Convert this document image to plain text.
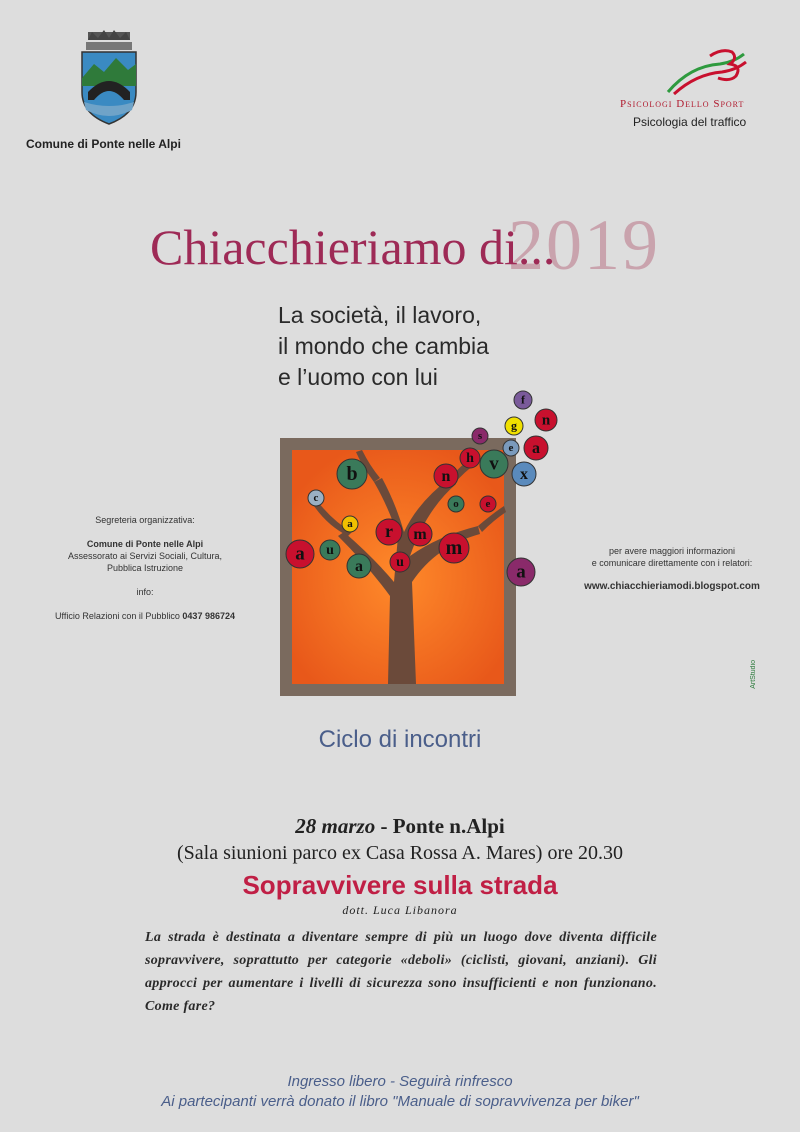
Comune di Ponte nelle Alpi
Psicologi Dello Sport
Psicologia del traffico
2019
Chiacchieriamo di...
La società, il lavoro,
il mondo che cambia
e l’uomo con lui
f
n
g
a
s
e
h v x
n
b
o e
c
a r m
a u	m
a u	a
Segreteria organizzativa:
Comune di Ponte nelle Alpi
Assessorato ai Servizi Sociali, Cultura,
Pubblica Istruzione
info:
Ufficio Relazioni con il Pubblico 0437 986724
per avere maggiori informazioni
e comunicare direttamente con i relatori:
www.chiacchieriamodi.blogspot.com
ArtStudio
Ciclo di incontri
28 marzo - Ponte n.Alpi
(Sala siunioni parco ex Casa Rossa A. Mares) ore 20.30
Sopravvivere sulla strada
dott. Luca Libanora
La strada è destinata a diventare sempre di più un luogo dove diventa difficile sopravvivere, soprattutto per categorie «deboli» (ciclisti, giovani, anziani). Gli approcci per aumentare i livelli di sicurezza sono insufficienti e non funzionano. Come fare?
Ingresso libero - Seguirà rinfresco
Ai partecipanti verrà donato il libro "Manuale di sopravvivenza per biker"
